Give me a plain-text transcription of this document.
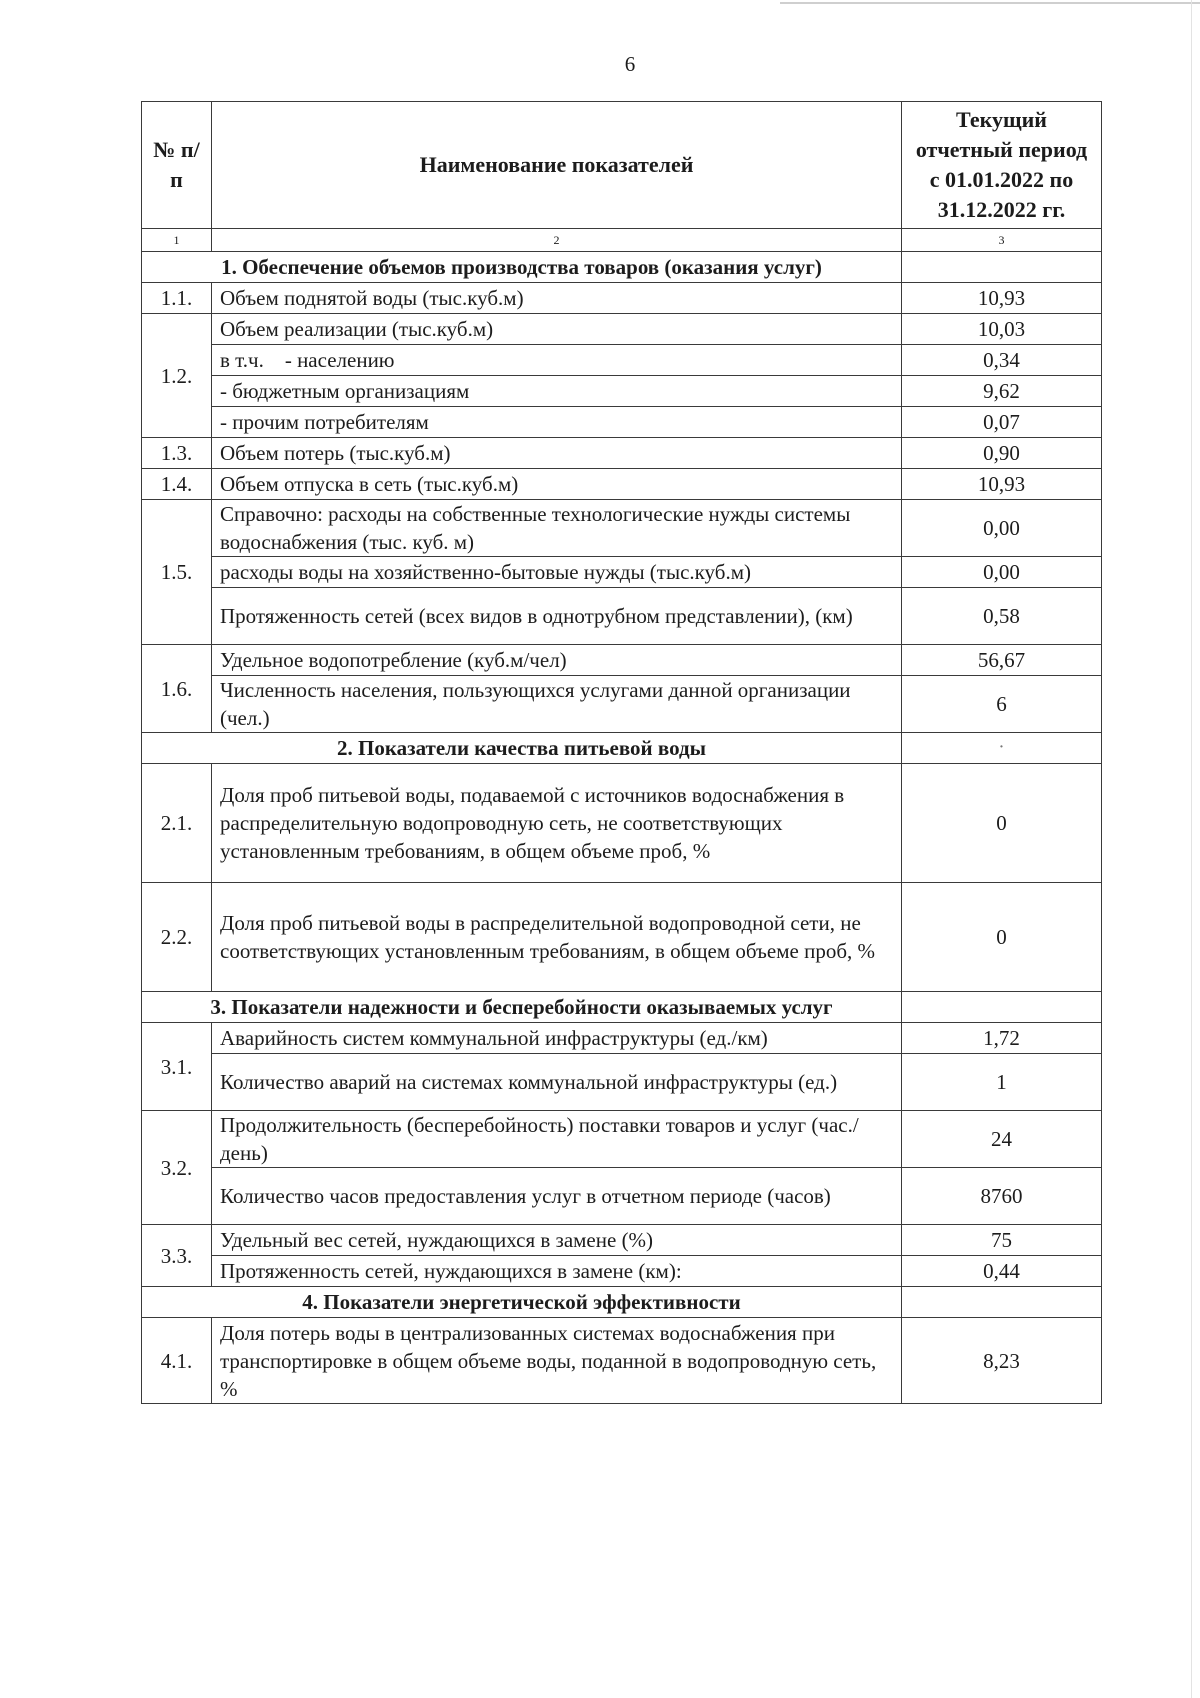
6
№ п/п	Наименование показателей	Текущий отчетный период с 01.01.2022 по 31.12.2022 гг.
1	2	3
1. Обеспечение объемов производства товаров (оказания услуг)		
1.1.	Объем поднятой воды (тыс.куб.м)	10,93
1.2.	Объем реализации (тыс.куб.м)	10,03
	в т.ч.    - населению	0,34
	- бюджетным организациям	9,62
	- прочим потребителям	0,07
1.3.	Объем потерь (тыс.куб.м)	0,90
1.4.	Объем отпуска в сеть (тыс.куб.м)	10,93
1.5.	Справочно: расходы на собственные технологические нужды системы водоснабжения (тыс. куб. м)	0,00
	расходы воды на хозяйственно-бытовые нужды (тыс.куб.м)	0,00
	Протяженность сетей (всех видов в однотрубном представлении), (км)	0,58
1.6.	Удельное водопотребление (куб.м/чел)	56,67
	Численность населения, пользующихся услугами данной организации (чел.)	6
2. Показатели качества питьевой воды		·
2.1.	Доля проб питьевой воды, подаваемой с источников водоснабжения в распределительную водопроводную сеть, не соответствующих установленным требованиям, в общем объеме проб, %	0
2.2.	Доля проб питьевой воды в распределительной водопроводной сети, не соответствующих установленным требованиям, в общем объеме проб, %	0
3. Показатели надежности и бесперебойности оказываемых услуг		
3.1.	Аварийность систем коммунальной инфраструктуры (ед./км)	1,72
	Количество аварий на системах коммунальной инфраструктуры (ед.)	1
3.2.	Продолжительность (бесперебойность) поставки товаров и услуг (час./день)	24
	Количество часов предоставления услуг в отчетном периоде (часов)	8760
3.3.	Удельный вес сетей, нуждающихся в замене (%)	75
	Протяженность сетей, нуждающихся в замене (км):	0,44
4. Показатели энергетической эффективности		
4.1.	Доля потерь воды в централизованных системах водоснабжения при транспортировке в общем объеме воды, поданной в водопроводную сеть, %	8,23
